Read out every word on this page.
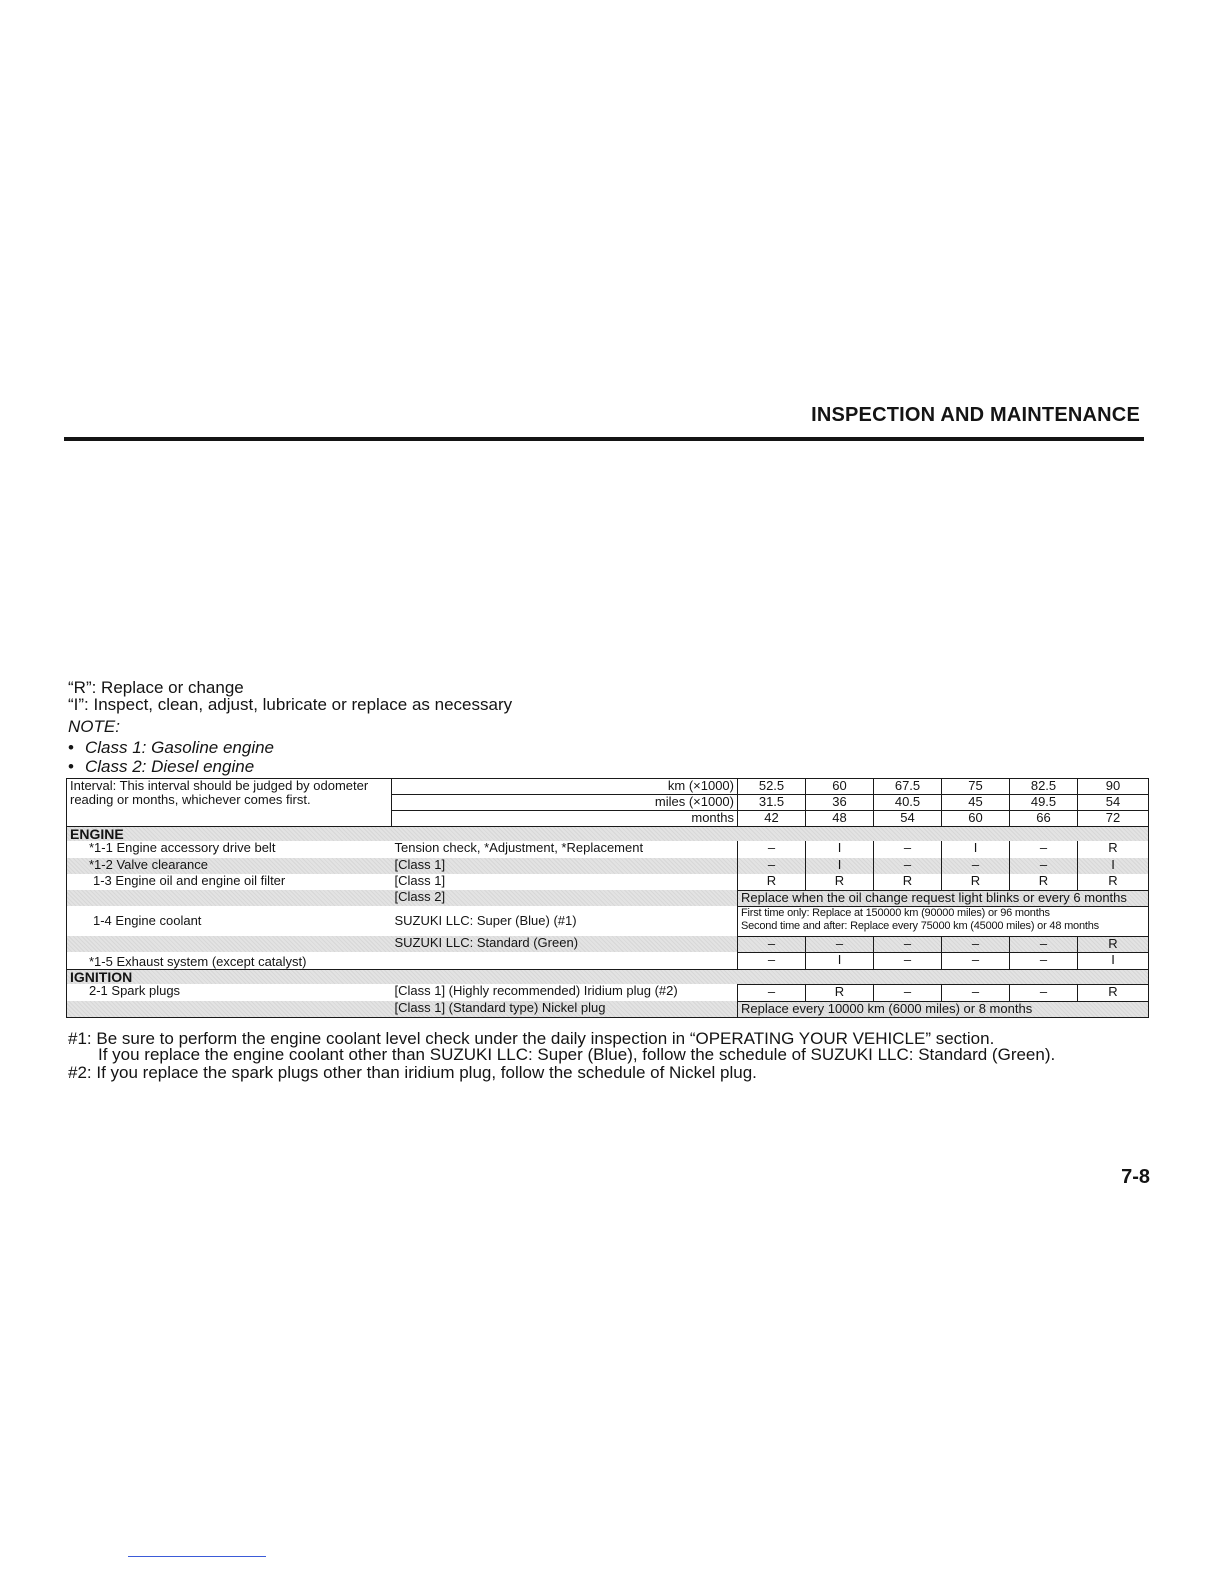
INSPECTION AND MAINTENANCE
“R”: Replace or change
“I”: Inspect, clean, adjust, lubricate or replace as necessary
NOTE:
• Class 1: Gasoline engine
• Class 2: Diesel engine
Interval: This interval should be judged by odometer
reading or months, whichever comes first.	km (×1000)	52.5	60	67.5	75	82.5	90
	miles (×1000)	31.5	36	40.5	45	49.5	54
	months	42	48	54	60	66	72
ENGINE							
*1-1 Engine accessory drive belt	Tension check, *Adjustment, *Replacement	–	I	–	I	–	R
*1-2 Valve clearance	[Class 1]	–	I	–	–	–	I
1-3 Engine oil and engine oil filter	[Class 1]	R	R	R	R	R	R
	[Class 2]	Replace when the oil change request light blinks or every 6 months					
1-4 Engine coolant	SUZUKI LLC: Super (Blue) (#1)	First time only: Replace at 150000 km (90000 miles) or 96 months
Second time and after: Replace every 75000 km (45000 miles) or 48 months					

	SUZUKI LLC: Standard (Green)	–	–	–	–	–	R
*1-5 Exhaust system (except catalyst)		–	I	–	–	–	I
IGNITION							
2-1 Spark plugs	[Class 1] (Highly recommended) Iridium plug (#2)	–	R	–	–	–	R
	[Class 1] (Standard type) Nickel plug	Replace every 10000 km (6000 miles) or 8 months					
#1: Be sure to perform the engine coolant level check under the daily inspection in “OPERATING YOUR VEHICLE” section.
If you replace the engine coolant other than SUZUKI LLC: Super (Blue), follow the schedule of SUZUKI LLC: Standard (Green).
#2: If you replace the spark plugs other than iridium plug, follow the schedule of Nickel plug.
7-8
